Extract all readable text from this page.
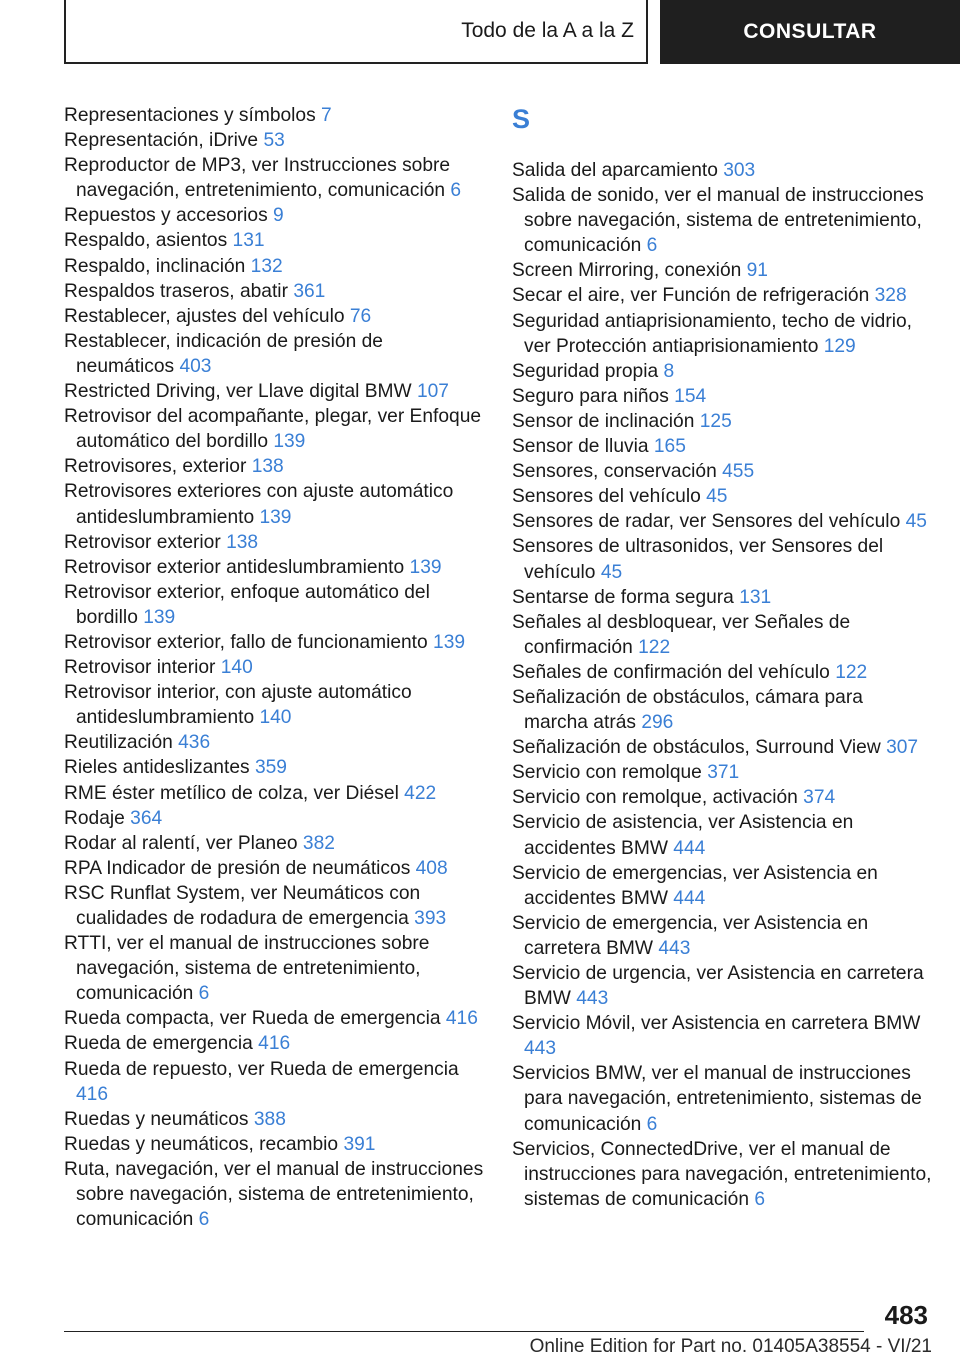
Todo de la A a la Z	CONSULTAR
Representaciones y símbolos 7
Representación, iDrive 53
Reproductor de MP3, ver Instrucciones sobre navegación, entretenimiento, comunicación 6
Repuestos y accesorios 9
Respaldo, asientos 131
Respaldo, inclinación 132
Respaldos traseros, abatir 361
Restablecer, ajustes del vehículo 76
Restablecer, indicación de presión de neumáticos 403
Restricted Driving, ver Llave digital BMW 107
Retrovisor del acompañante, plegar, ver Enfoque automático del bordillo 139
Retrovisores, exterior 138
Retrovisores exteriores con ajuste automático antideslumbramiento 139
Retrovisor exterior 138
Retrovisor exterior antideslumbramiento 139
Retrovisor exterior, enfoque automático del bordillo 139
Retrovisor exterior, fallo de funcionamiento 139
Retrovisor interior 140
Retrovisor interior, con ajuste automático antideslumbramiento 140
Reutilización 436
Rieles antideslizantes 359
RME éster metílico de colza, ver Diésel 422
Rodaje 364
Rodar al ralentí, ver Planeo 382
RPA Indicador de presión de neumáticos 408
RSC Runflat System, ver Neumáticos con cualidades de rodadura de emergencia 393
RTTI, ver el manual de instrucciones sobre navegación, sistema de entretenimiento, comunicación 6
Rueda compacta, ver Rueda de emergencia 416
Rueda de emergencia 416
Rueda de repuesto, ver Rueda de emergencia 416
Ruedas y neumáticos 388
Ruedas y neumáticos, recambio 391
Ruta, navegación, ver el manual de instrucciones sobre navegación, sistema de entretenimiento, comunicación 6
S
Salida del aparcamiento 303
Salida de sonido, ver el manual de instrucciones sobre navegación, sistema de entretenimiento, comunicación 6
Screen Mirroring, conexión 91
Secar el aire, ver Función de refrigeración 328
Seguridad antiaprisionamiento, techo de vidrio, ver Protección antiaprisionamiento 129
Seguridad propia 8
Seguro para niños 154
Sensor de inclinación 125
Sensor de lluvia 165
Sensores, conservación 455
Sensores del vehículo 45
Sensores de radar, ver Sensores del vehículo 45
Sensores de ultrasonidos, ver Sensores del vehículo 45
Sentarse de forma segura 131
Señales al desbloquear, ver Señales de confirmación 122
Señales de confirmación del vehículo 122
Señalización de obstáculos, cámara para marcha atrás 296
Señalización de obstáculos, Surround View 307
Servicio con remolque 371
Servicio con remolque, activación 374
Servicio de asistencia, ver Asistencia en accidentes BMW 444
Servicio de emergencias, ver Asistencia en accidentes BMW 444
Servicio de emergencia, ver Asistencia en carretera BMW 443
Servicio de urgencia, ver Asistencia en carretera BMW 443
Servicio Móvil, ver Asistencia en carretera BMW 443
Servicios BMW, ver el manual de instrucciones para navegación, entretenimiento, sistemas de comunicación 6
Servicios, ConnectedDrive, ver el manual de instrucciones para navegación, entretenimiento, sistemas de comunicación 6
483
Online Edition for Part no. 01405A38554 - VI/21
